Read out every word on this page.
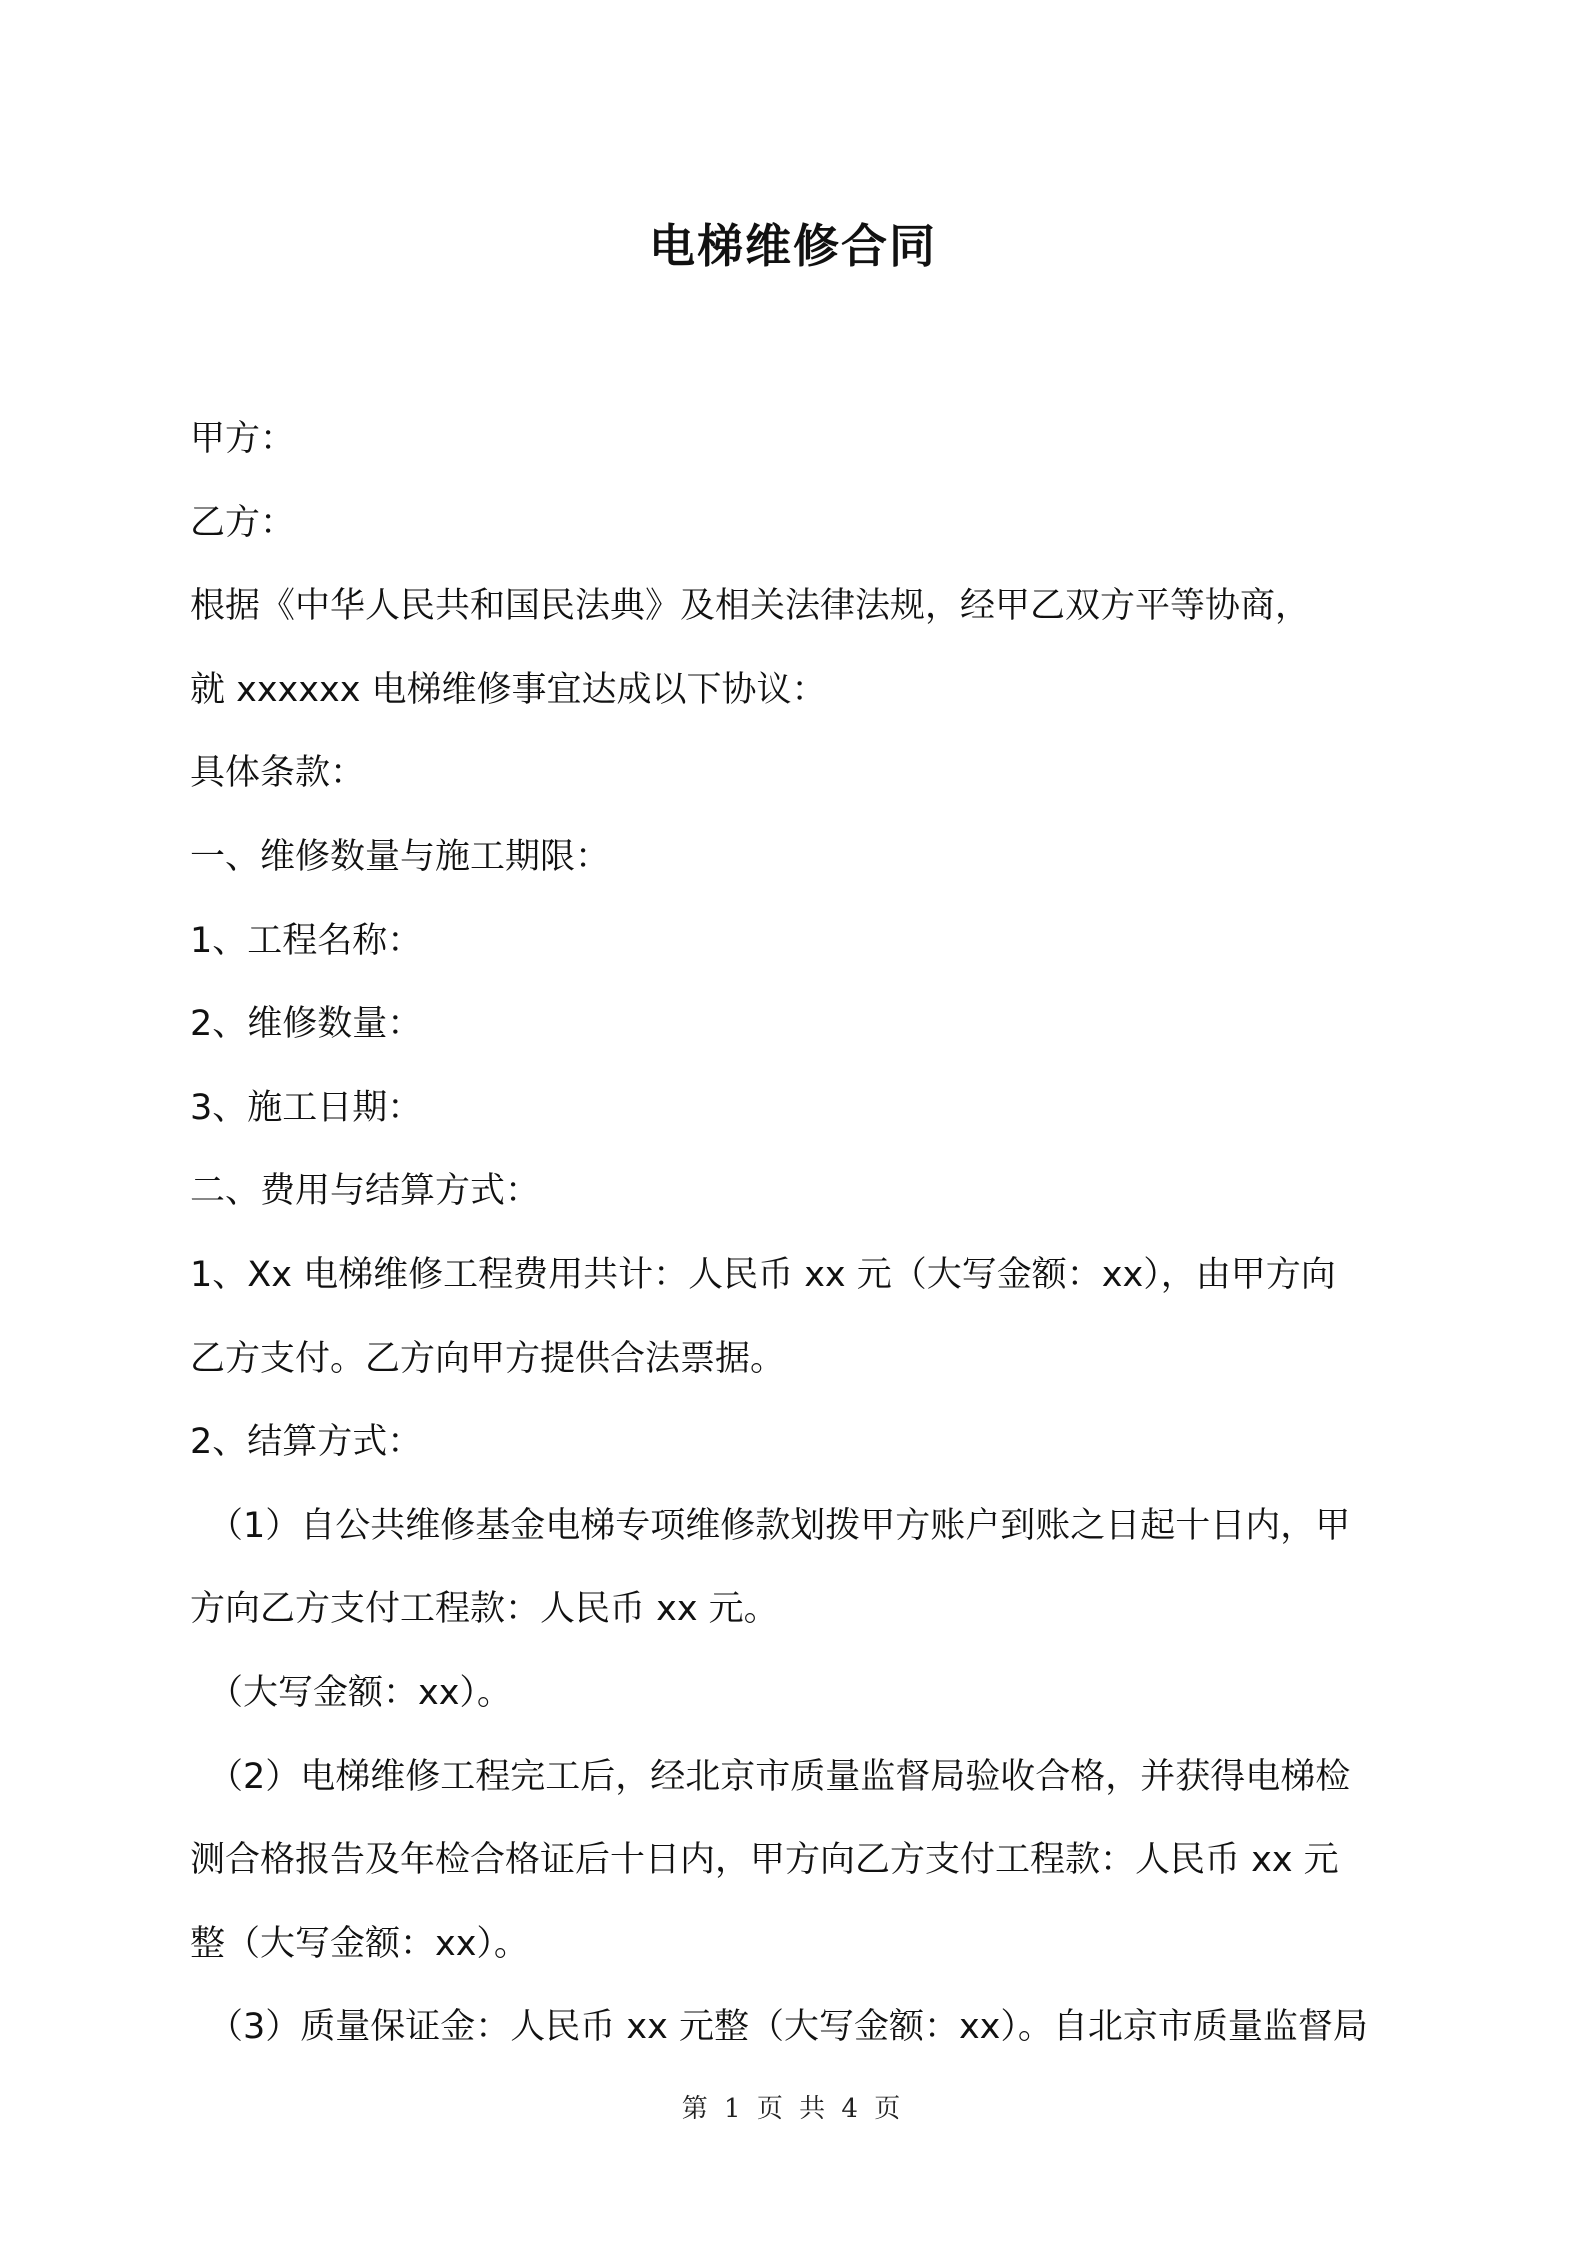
电梯维修合同
甲方：
乙方：
根据《中华人民共和国民法典》及相关法律法规，经甲乙双方平等协商，
就 xxxxxx 电梯维修事宜达成以下协议：
具体条款：
一、维修数量与施工期限：
1、工程名称：
2、维修数量：
3、施工日期：
二、费用与结算方式：
1、Xx 电梯维修工程费用共计：人民币 xx 元（大写金额：xx），由甲方向
乙方支付。乙方向甲方提供合法票据。
2、结算方式：
（1）自公共维修基金电梯专项维修款划拨甲方账户到账之日起十日内，甲
方向乙方支付工程款：人民币 xx 元。
（大写金额：xx）。
（2）电梯维修工程完工后，经北京市质量监督局验收合格，并获得电梯检
测合格报告及年检合格证后十日内，甲方向乙方支付工程款：人民币 xx 元
整（大写金额：xx）。
（3）质量保证金：人民币 xx 元整（大写金额：xx）。自北京市质量监督局
第 1 页 共 4 页
